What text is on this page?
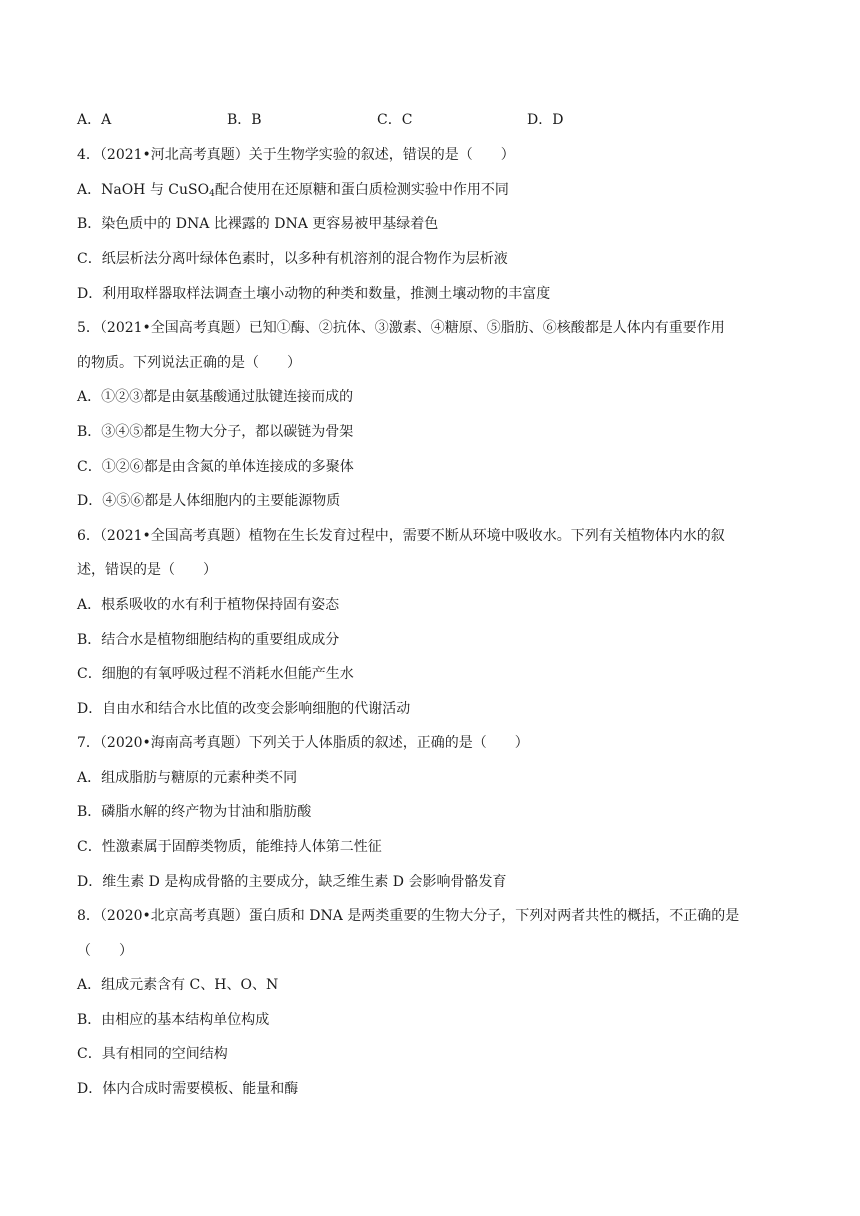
A．A	B．B	C．C	D．D
4．（2021•河北高考真题）关于生物学实验的叙述，错误的是（　　）
A．NaOH 与 CuSO$_4$配合使用在还原糖和蛋白质检测实验中作用不同
B．染色质中的 DNA 比裸露的 DNA 更容易被甲基绿着色
C．纸层析法分离叶绿体色素时，以多种有机溶剂的混合物作为层析液
D．利用取样器取样法调查土壤小动物的种类和数量，推测土壤动物的丰富度
5．（2021•全国高考真题）已知①酶、②抗体、③激素、④糖原、⑤脂肪、⑥核酸都是人体内有重要作用
的物质。下列说法正确的是（　　）
A．①②③都是由氨基酸通过肽键连接而成的
B．③④⑤都是生物大分子，都以碳链为骨架
C．①②⑥都是由含氮的单体连接成的多聚体
D．④⑤⑥都是人体细胞内的主要能源物质
6．（2021•全国高考真题）植物在生长发育过程中，需要不断从环境中吸收水。下列有关植物体内水的叙
述，错误的是（　　）
A．根系吸收的水有利于植物保持固有姿态
B．结合水是植物细胞结构的重要组成成分
C．细胞的有氧呼吸过程不消耗水但能产生水
D．自由水和结合水比值的改变会影响细胞的代谢活动
7．（2020•海南高考真题）下列关于人体脂质的叙述，正确的是（　　）
A．组成脂肪与糖原的元素种类不同
B．磷脂水解的终产物为甘油和脂肪酸
C．性激素属于固醇类物质，能维持人体第二性征
D．维生素 D 是构成骨骼的主要成分，缺乏维生素 D 会影响骨骼发育
8．（2020•北京高考真题）蛋白质和 DNA 是两类重要的生物大分子，下列对两者共性的概括，不正确的是
（　　）
A．组成元素含有 C、H、O、N
B．由相应的基本结构单位构成
C．具有相同的空间结构
D．体内合成时需要模板、能量和酶
